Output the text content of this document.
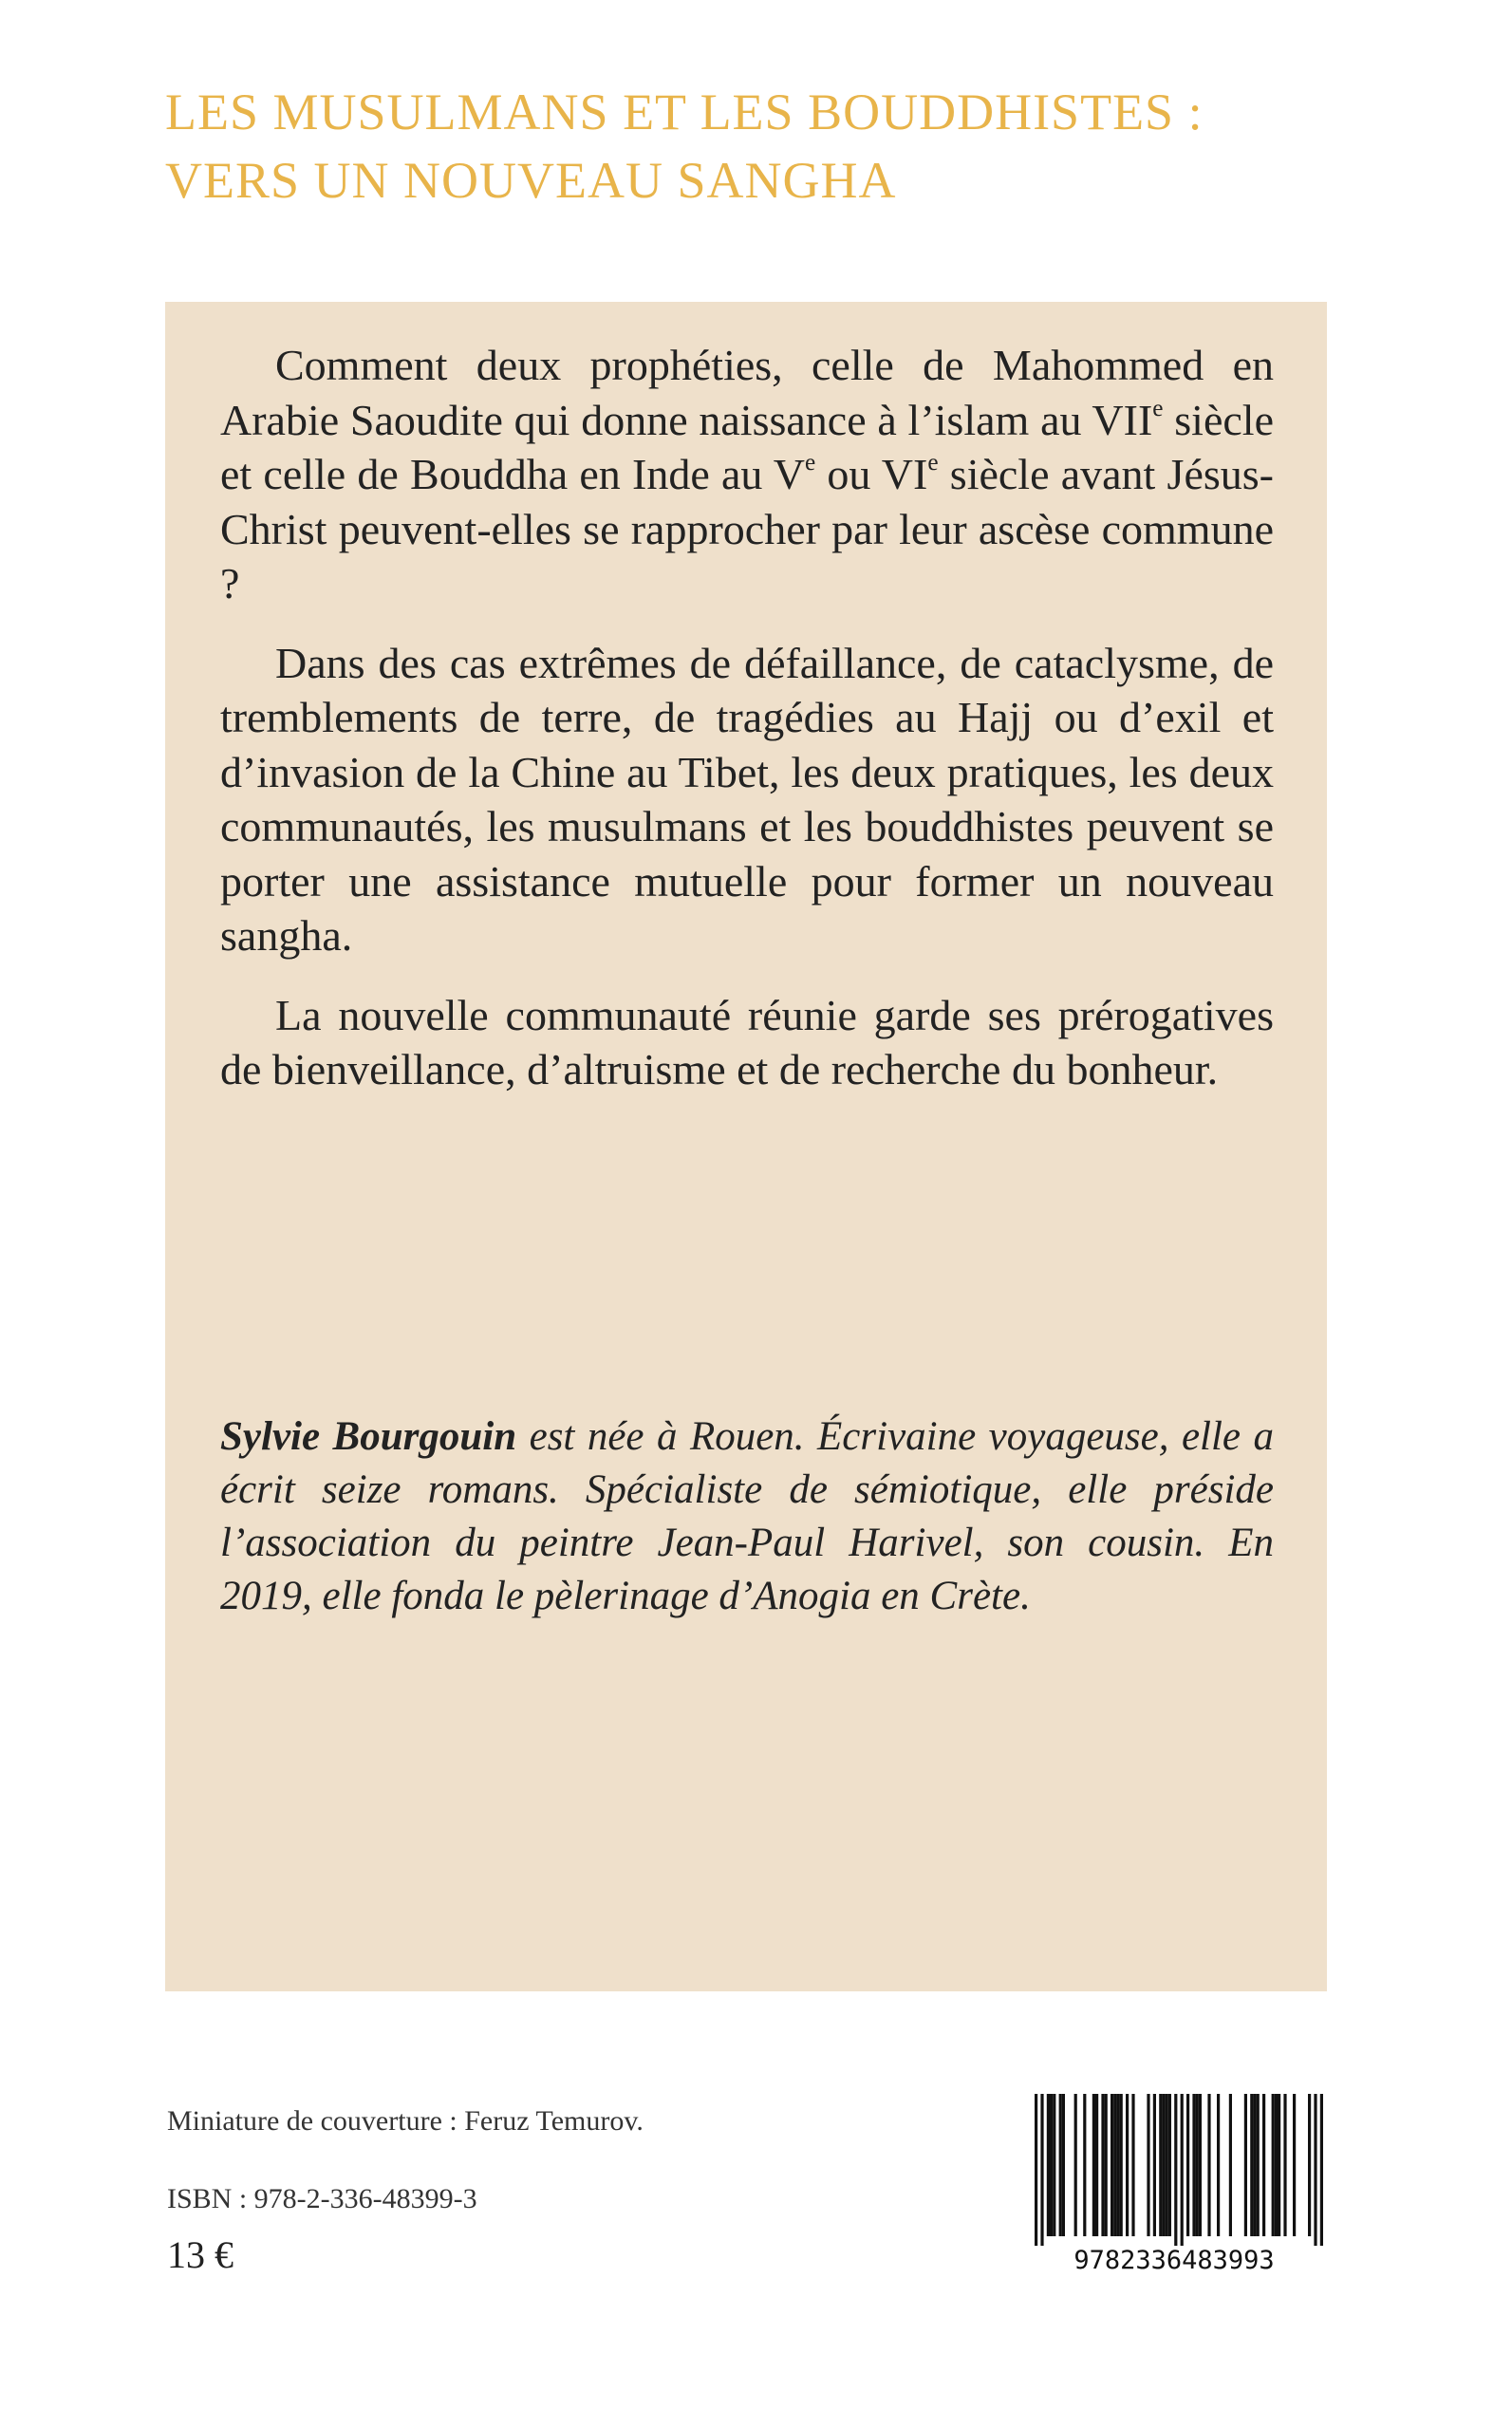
LES MUSULMANS ET LES BOUDDHISTES :
VERS UN NOUVEAU SANGHA

Comment deux prophéties, celle de Mahommed en Arabie Saoudite qui donne naissance à l’islam au VIIe siècle et celle de Bouddha en Inde au Ve ou VIe siècle avant Jésus-Christ peuvent-elles se rapprocher par leur ascèse commune ?

Dans des cas extrêmes de défaillance, de cataclysme, de tremblements de terre, de tragédies au Hajj ou d’exil et d’invasion de la Chine au Tibet, les deux pratiques, les deux communautés, les musulmans et les bouddhistes peuvent se porter une assistance mutuelle pour former un nouveau sangha.

La nouvelle communauté réunie garde ses prérogatives de bienveillance, d’altruisme et de recherche du bonheur.

Sylvie Bourgouin est née à Rouen. Écrivaine voyageuse, elle a écrit seize romans. Spécialiste de sémiotique, elle préside l’association du peintre Jean-Paul Harivel, son cousin. En 2019, elle fonda le pèlerinage d’Anogia en Crète.

Miniature de couverture : Feruz Temurov.
ISBN : 978-2-336-48399-3
13 €	9782336483993
